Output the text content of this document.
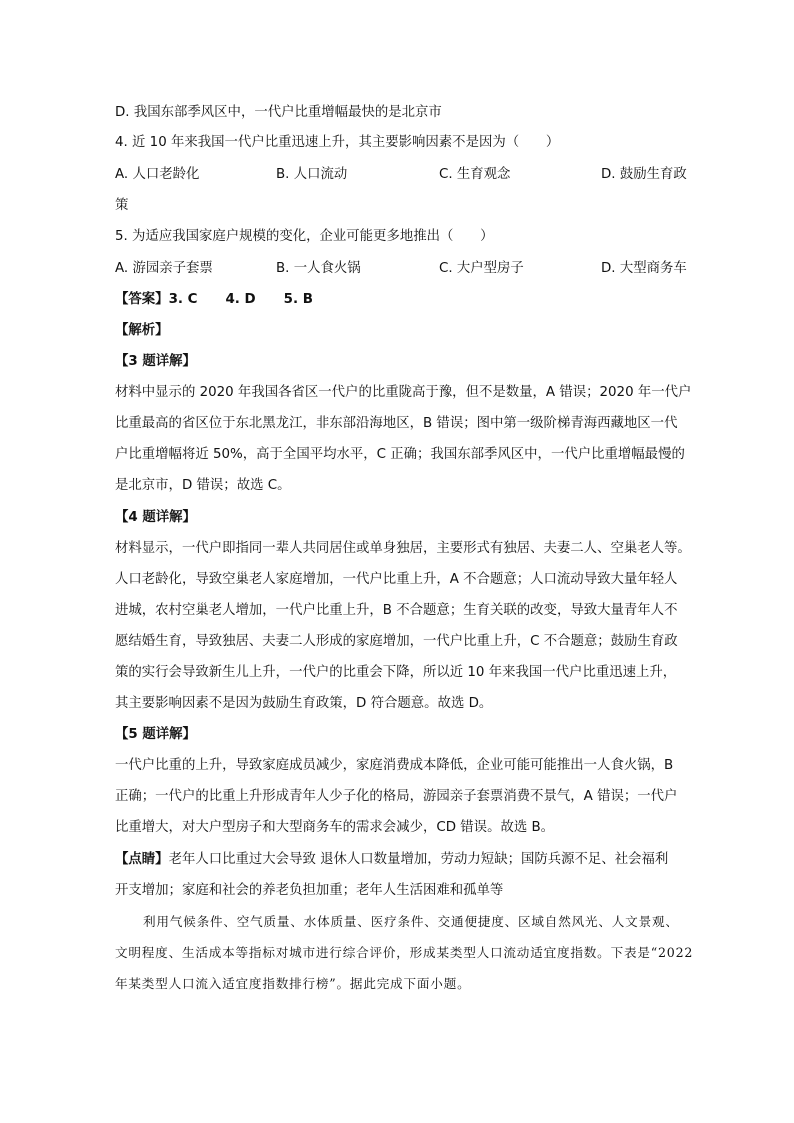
D. 我国东部季风区中，一代户比重增幅最快的是北京市
4. 近 10 年来我国一代户比重迅速上升，其主要影响因素不是因为（　　）
A. 人口老龄化	B. 人口流动	C. 生育观念	D. 鼓励生育政
策
5. 为适应我国家庭户规模的变化，企业可能更多地推出（　　）
A. 游园亲子套票	B. 一人食火锅	C. 大户型房子	D. 大型商务车
【答案】3. C 4. D 5. B
【解析】
【3 题详解】
材料中显示的 2020 年我国各省区一代户的比重陇高于豫，但不是数量，A 错误；2020 年一代户
比重最高的省区位于东北黑龙江，非东部沿海地区，B 错误；图中第一级阶梯青海西藏地区一代
户比重增幅将近 50%，高于全国平均水平，C 正确；我国东部季风区中，一代户比重增幅最慢的
是北京市，D 错误；故选 C。
【4 题详解】
材料显示，一代户即指同一辈人共同居住或单身独居，主要形式有独居、夫妻二人、空巢老人等。
人口老龄化，导致空巢老人家庭增加，一代户比重上升，A 不合题意；人口流动导致大量年轻人
进城，农村空巢老人增加，一代户比重上升，B 不合题意；生育关联的改变，导致大量青年人不
愿结婚生育，导致独居、夫妻二人形成的家庭增加，一代户比重上升，C 不合题意；鼓励生育政
策的实行会导致新生儿上升，一代户的比重会下降，所以近 10 年来我国一代户比重迅速上升，
其主要影响因素不是因为鼓励生育政策，D 符合题意。故选 D。
【5 题详解】
一代户比重的上升，导致家庭成员减少，家庭消费成本降低，企业可能可能推出一人食火锅，B
正确；一代户的比重上升形成青年人少子化的格局，游园亲子套票消费不景气，A 错误；一代户
比重增大，对大户型房子和大型商务车的需求会减少，CD 错误。故选 B。
【点睛】老年人口比重过大会导致 退休人口数量增加，劳动力短缺；国防兵源不足、社会福利
开支增加；家庭和社会的养老负担加重；老年人生活困难和孤单等
利用气候条件、空气质量、水体质量、医疗条件、交通便捷度、区域自然风光、人文景观、
文明程度、生活成本等指标对城市进行综合评价，形成某类型人口流动适宜度指数。下表是“2022
年某类型人口流入适宜度指数排行榜”。据此完成下面小题。
